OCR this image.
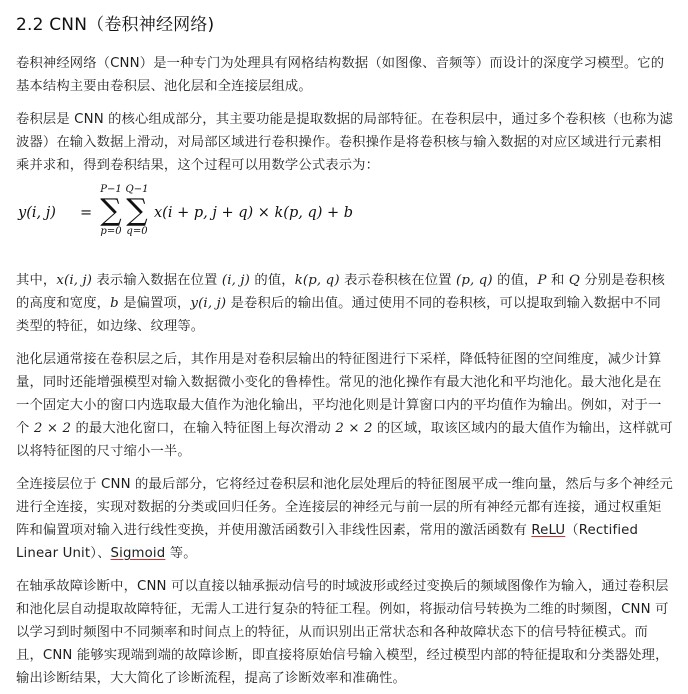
2.2 CNN（卷积神经网络)

卷积神经网络（CNN）是一种专门为处理具有网格结构数据（如图像、音频等）而设计的深度学习模型。它的基本结构主要由卷积层、池化层和全连接层组成。

卷积层是 CNN 的核心组成部分，其主要功能是提取数据的局部特征。在卷积层中，通过多个卷积核（也称为滤波器）在输入数据上滑动，对局部区域进行卷积操作。卷积操作是将卷积核与输入数据的对应区域进行元素相乘并求和，得到卷积结果，这个过程可以用数学公式表示为：

y(i, j) =
P−1
∑
p=0
Q−1
∑
q=0
x(i + p, j + q) × k(p, q) + b

其中，x(i, j) 表示输入数据在位置 (i, j) 的值，k(p, q) 表示卷积核在位置 (p, q) 的值，P 和 Q 分别是卷积核的高度和宽度，b 是偏置项，y(i, j) 是卷积后的输出值。通过使用不同的卷积核，可以提取到输入数据中不同类型的特征，如边缘、纹理等。

池化层通常接在卷积层之后，其作用是对卷积层输出的特征图进行下采样，降低特征图的空间维度，减少计算量，同时还能增强模型对输入数据微小变化的鲁棒性。常见的池化操作有最大池化和平均池化。最大池化是在一个固定大小的窗口内选取最大值作为池化输出，平均池化则是计算窗口内的平均值作为输出。例如，对于一个 2 × 2 的最大池化窗口，在输入特征图上每次滑动 2 × 2 的区域，取该区域内的最大值作为输出，这样就可以将特征图的尺寸缩小一半。

全连接层位于 CNN 的最后部分，它将经过卷积层和池化层处理后的特征图展平成一维向量，然后与多个神经元进行全连接，实现对数据的分类或回归任务。全连接层的神经元与前一层的所有神经元都有连接，通过权重矩阵和偏置项对输入进行线性变换，并使用激活函数引入非线性因素，常用的激活函数有 ReLU（Rectified Linear Unit）、Sigmoid 等。

在轴承故障诊断中，CNN 可以直接以轴承振动信号的时域波形或经过变换后的频域图像作为输入，通过卷积层和池化层自动提取故障特征，无需人工进行复杂的特征工程。例如，将振动信号转换为二维的时频图，CNN 可以学习到时频图中不同频率和时间点上的特征，从而识别出正常状态和各种故障状态下的信号特征模式。而且，CNN 能够实现端到端的故障诊断，即直接将原始信号输入模型，经过模型内部的特征提取和分类器处理，输出诊断结果，大大简化了诊断流程，提高了诊断效率和准确性。
